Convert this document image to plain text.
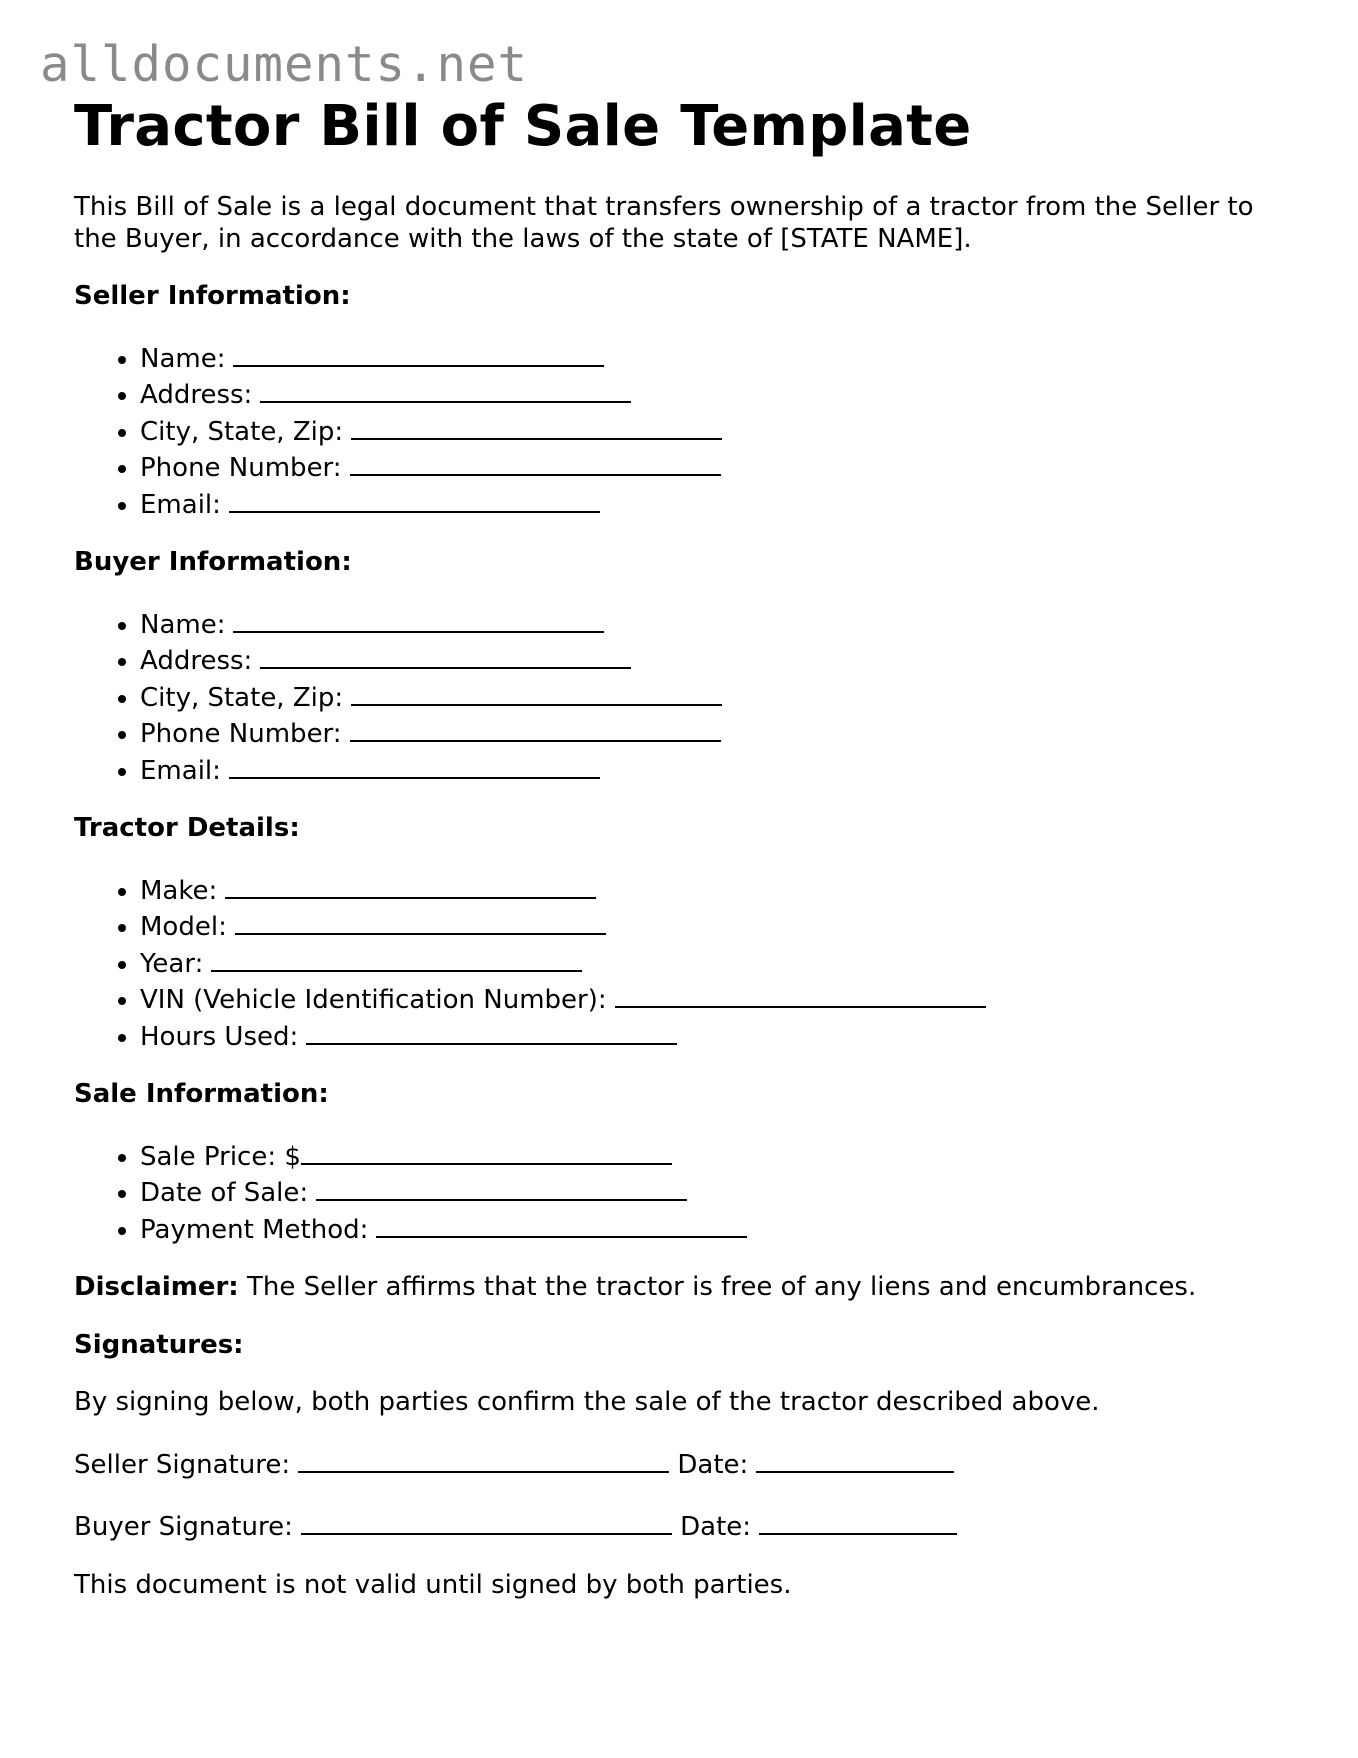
alldocuments.net
Tractor Bill of Sale Template

This Bill of Sale is a legal document that transfers ownership of a tractor from the Seller to the Buyer, in accordance with the laws of the state of [STATE NAME].

Seller Information:

• Name:
• Address:
• City, State, Zip:
• Phone Number:
• Email:

Buyer Information:

• Name:
• Address:
• City, State, Zip:
• Phone Number:
• Email:

Tractor Details:

• Make:
• Model:
• Year:
• VIN (Vehicle Identification Number):
• Hours Used:

Sale Information:

• Sale Price: $
• Date of Sale:
• Payment Method:

Disclaimer: The Seller affirms that the tractor is free of any liens and encumbrances.

Signatures:

By signing below, both parties confirm the sale of the tractor described above.

Seller Signature:	Date:

Buyer Signature:	Date:

This document is not valid until signed by both parties.
